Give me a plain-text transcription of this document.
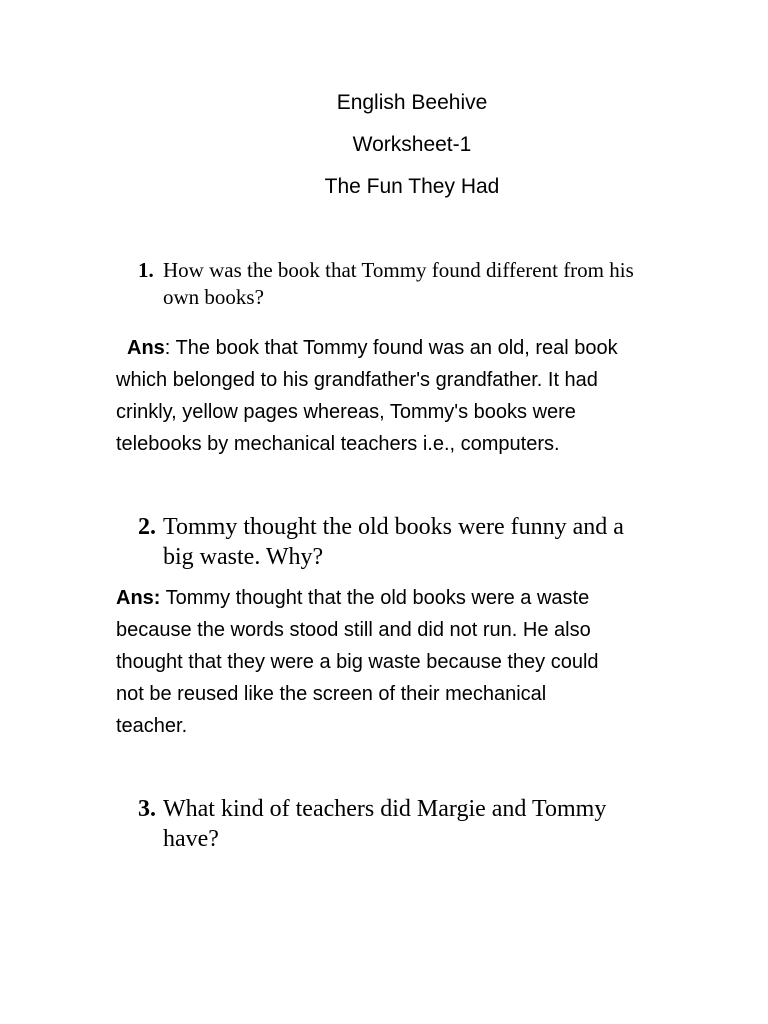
English Beehive
Worksheet-1
The Fun They Had
1. How was the book that Tommy found different from his
own books?
Ans: The book that Tommy found was an old, real book
which belonged to his grandfather's grandfather. It had
crinkly, yellow pages whereas, Tommy's books were
telebooks by mechanical teachers i.e., computers.
2. Tommy thought the old books were funny and a
big waste. Why?
Ans: Tommy thought that the old books were a waste
because the words stood still and did not run. He also
thought that they were a big waste because they could
not be reused like the screen of their mechanical
teacher.
3. What kind of teachers did Margie and Tommy
have?
